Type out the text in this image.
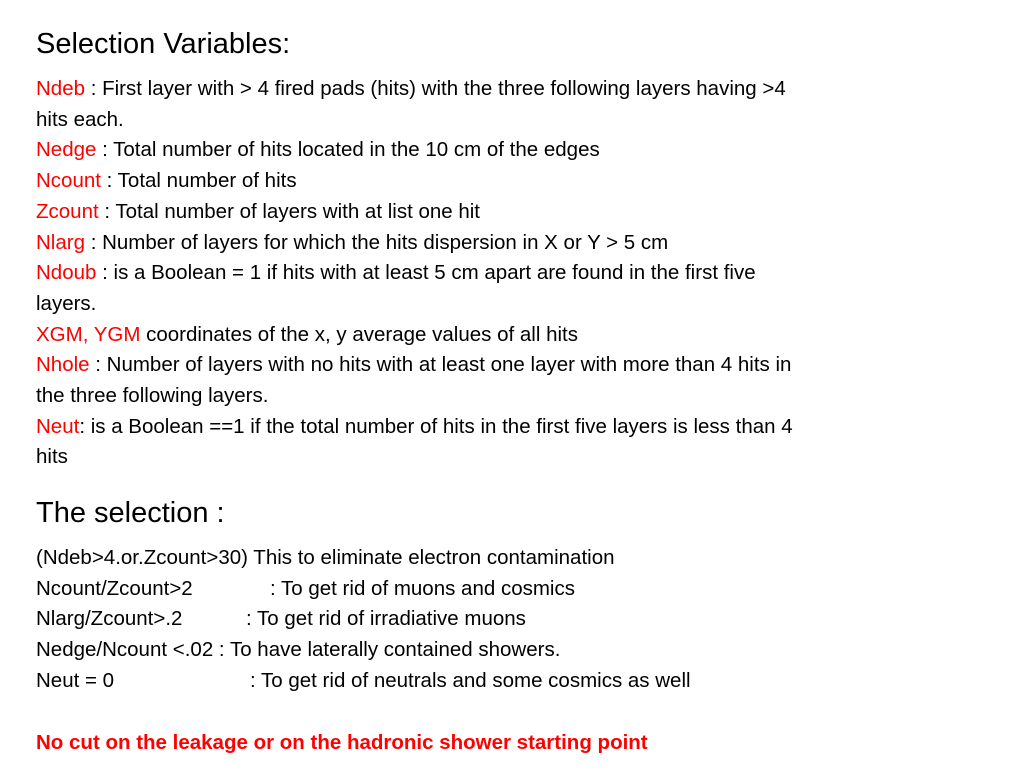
Selection Variables:

Ndeb : First layer with > 4 fired pads (hits) with the three following layers having >4 hits each.

Nedge : Total number of hits located in the 10 cm of the edges

Ncount : Total number of hits

Zcount : Total number of layers with at list one hit

Nlarg : Number of layers for which the hits dispersion in X or Y > 5 cm

Ndoub : is a Boolean = 1 if hits with at least 5 cm apart are found in the first five layers.

XGM, YGM coordinates of the x, y average values of all hits

Nhole : Number of layers with no hits with at least one layer with more than 4 hits in the three following layers.

Neut: is a Boolean ==1 if the total number of hits in the first five layers is less than 4 hits

The selection :
(Ndeb>4.or.Zcount>30) This to eliminate electron contamination
Ncount/Zcount>2	: To get rid of muons and cosmics
Nlarg/Zcount>.2	: To get rid of irradiative muons
Nedge/Ncount <.02 : To have laterally contained showers.
Neut = 0	: To get rid of neutrals and some cosmics as well
No cut on the leakage or on the hadronic shower starting point
